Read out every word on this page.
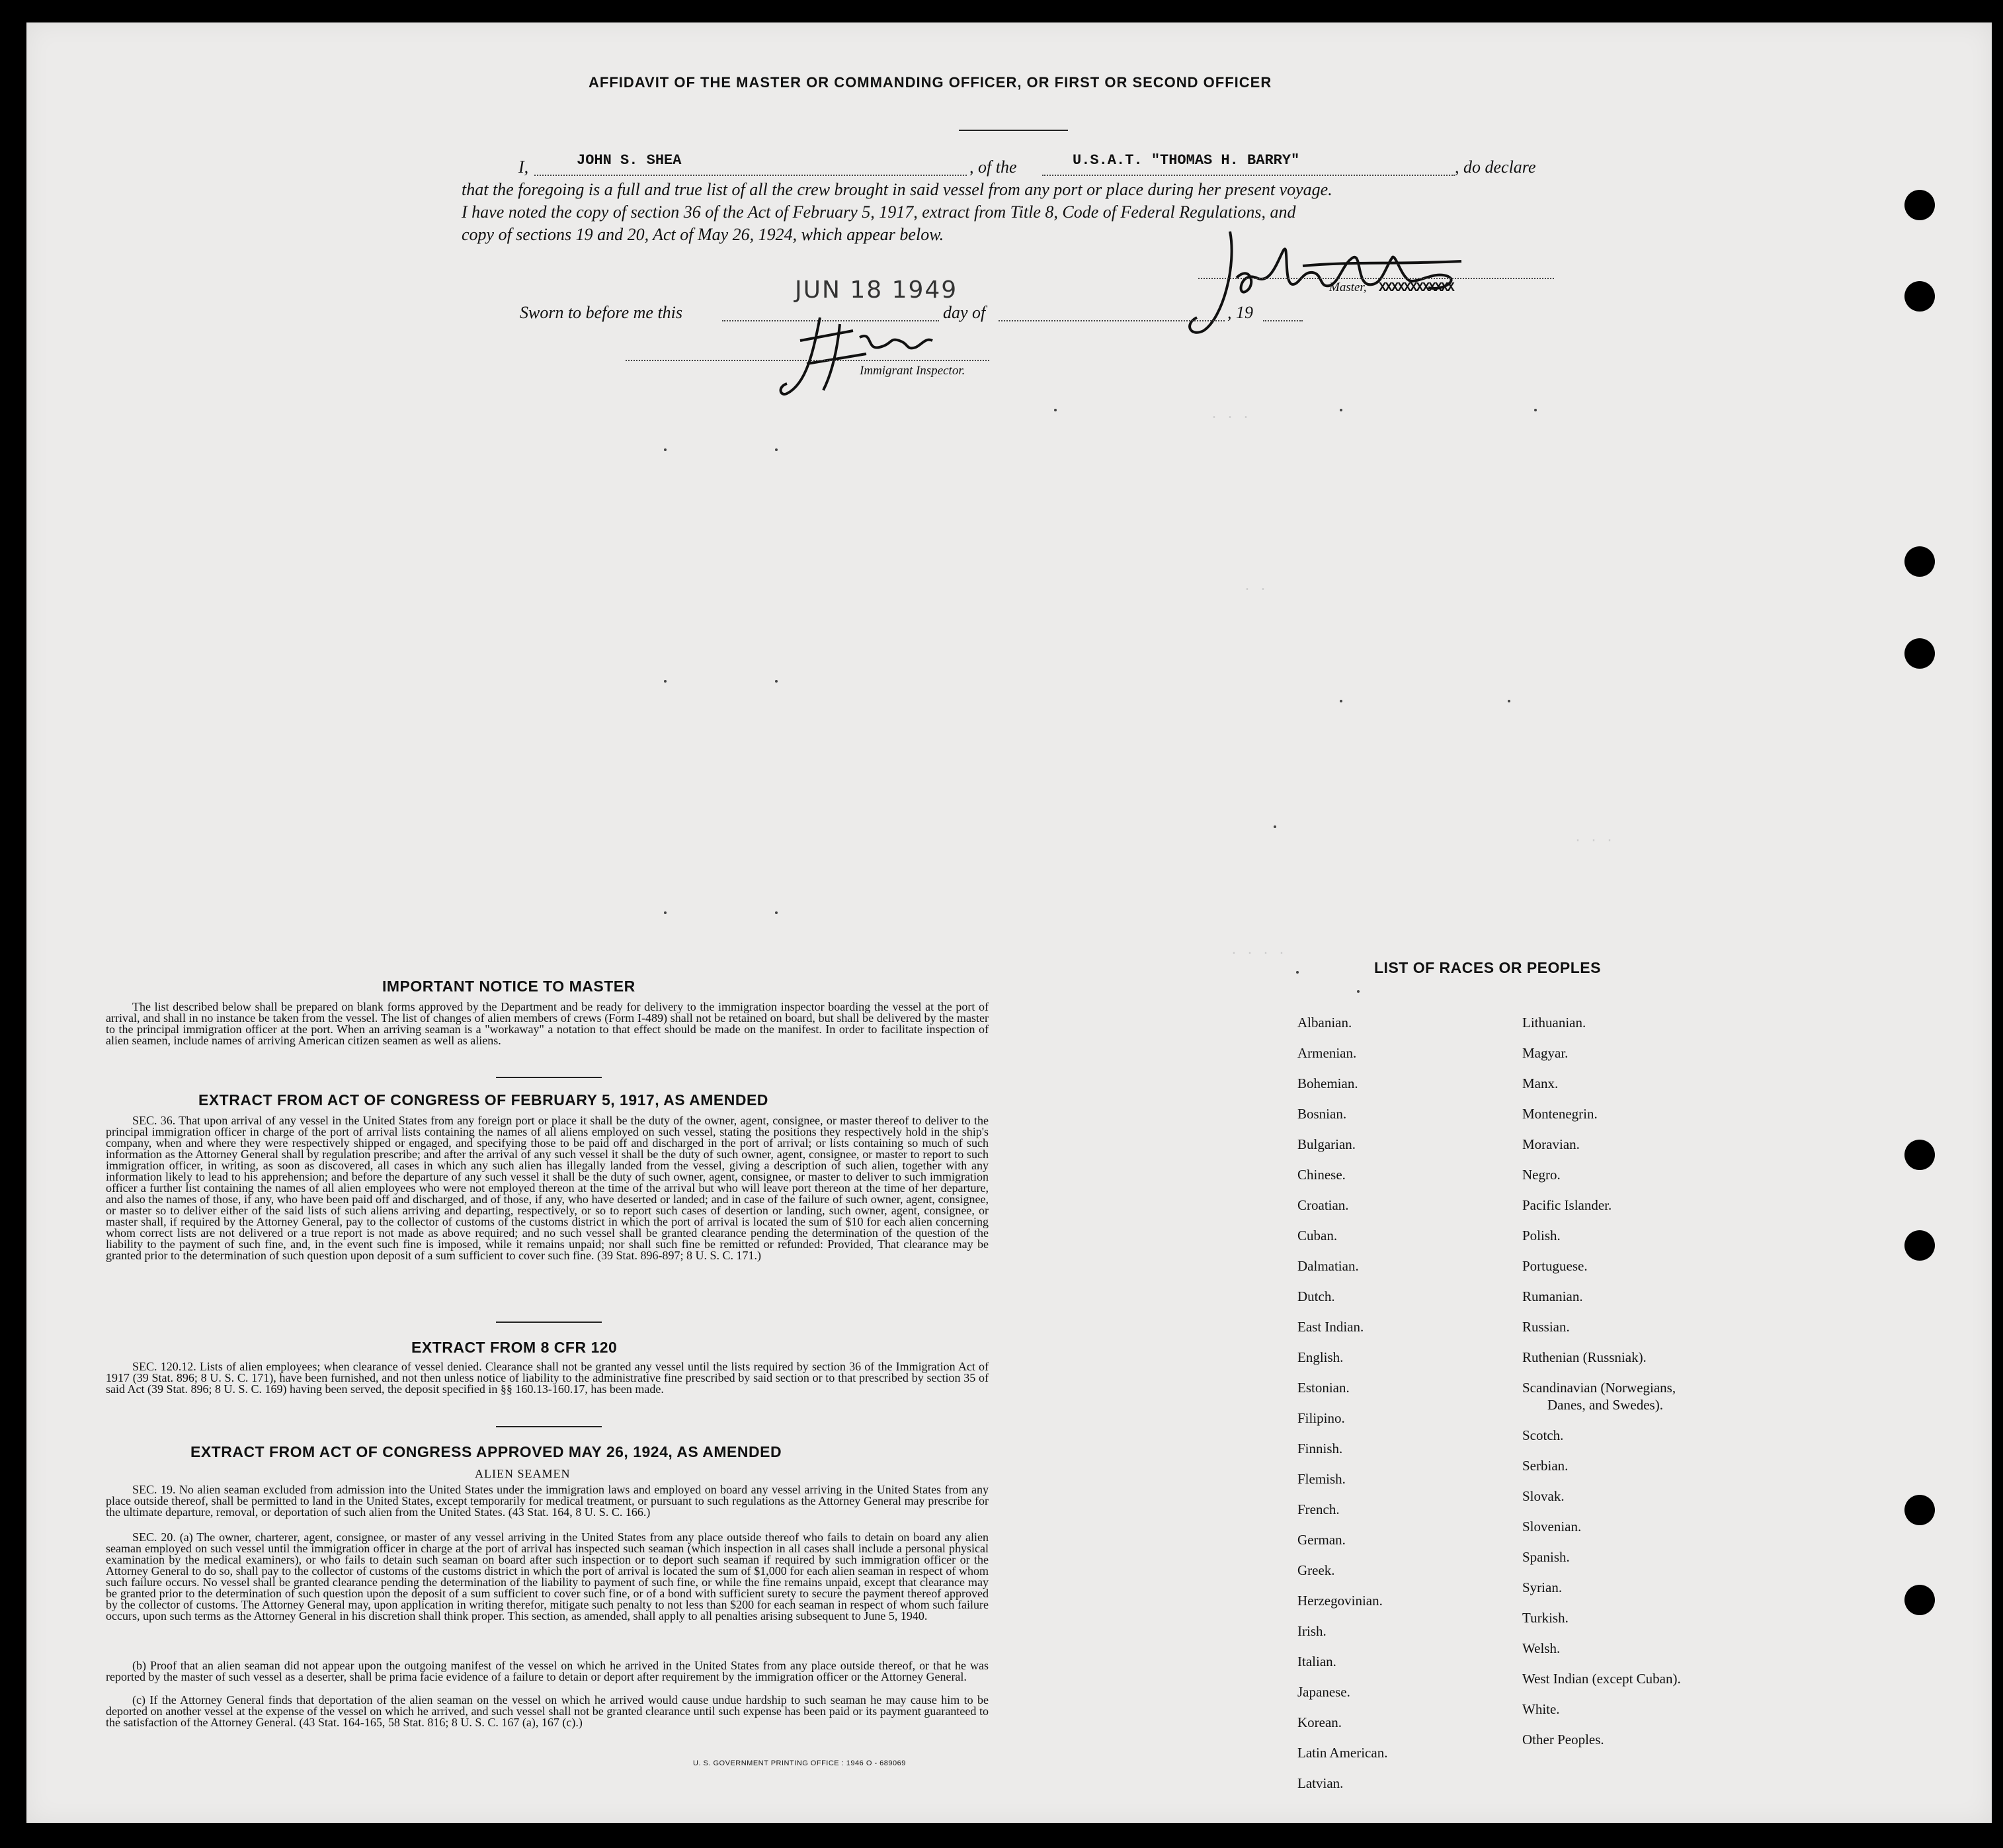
· · ·
· ·
· · ·
· · · ·
AFFIDAVIT OF THE MASTER OR COMMANDING OFFICER, OR FIRST OR SECOND OFFICER
I,	JOHN S. SHEA	, of the	U.S.A.T. "THOMAS H. BARRY"	, do declare
that the foregoing is a full and true list of all the crew brought in said vessel from any port or place during her present voyage.
I have noted the copy of section 36 of the Act of February 5, 1917, extract from Title 8, Code of Federal Regulations, and
copy of sections 19 and 20, Act of May 26, 1924, which appear below.
Master, XXXXXXXXXXXX
Sworn to before me this
JUN 18 1949
day of	, 19
Immigrant Inspector.
IMPORTANT NOTICE TO MASTER
The list described below shall be prepared on blank forms approved by the Department and be ready for delivery to the immigration inspector boarding the vessel at the port of arrival, and shall in no instance be taken from the vessel. The list of changes of alien members of crews (Form I-489) shall not be retained on board, but shall be delivered by the master to the principal immigration officer at the port. When an arriving seaman is a "workaway" a notation to that effect should be made on the manifest. In order to facilitate inspection of alien seamen, include names of arriving American citizen seamen as well as aliens.
EXTRACT FROM ACT OF CONGRESS OF FEBRUARY 5, 1917, AS AMENDED
SEC. 36. That upon arrival of any vessel in the United States from any foreign port or place it shall be the duty of the owner, agent, consignee, or master thereof to deliver to the principal immigration officer in charge of the port of arrival lists containing the names of all aliens employed on such vessel, stating the positions they respectively hold in the ship's company, when and where they were respectively shipped or engaged, and specifying those to be paid off and discharged in the port of arrival; or lists containing so much of such information as the Attorney General shall by regulation prescribe; and after the arrival of any such vessel it shall be the duty of such owner, agent, consignee, or master to report to such immigration officer, in writing, as soon as discovered, all cases in which any such alien has illegally landed from the vessel, giving a description of such alien, together with any information likely to lead to his apprehension; and before the departure of any such vessel it shall be the duty of such owner, agent, consignee, or master to deliver to such immigration officer a further list containing the names of all alien employees who were not employed thereon at the time of the arrival but who will leave port thereon at the time of her departure, and also the names of those, if any, who have been paid off and discharged, and of those, if any, who have deserted or landed; and in case of the failure of such owner, agent, consignee, or master so to deliver either of the said lists of such aliens arriving and departing, respectively, or so to report such cases of desertion or landing, such owner, agent, consignee, or master shall, if required by the Attorney General, pay to the collector of customs of the customs district in which the port of arrival is located the sum of $10 for each alien concerning whom correct lists are not delivered or a true report is not made as above required; and no such vessel shall be granted clearance pending the determination of the question of the liability to the payment of such fine, and, in the event such fine is imposed, while it remains unpaid; nor shall such fine be remitted or refunded: Provided, That clearance may be granted prior to the determination of such question upon deposit of a sum sufficient to cover such fine. (39 Stat. 896-897; 8 U. S. C. 171.)
EXTRACT FROM 8 CFR 120
SEC. 120.12. Lists of alien employees; when clearance of vessel denied. Clearance shall not be granted any vessel until the lists required by section 36 of the Immigration Act of 1917 (39 Stat. 896; 8 U. S. C. 171), have been furnished, and not then unless notice of liability to the administrative fine prescribed by said section or to that prescribed by section 35 of said Act (39 Stat. 896; 8 U. S. C. 169) having been served, the deposit specified in §§ 160.13-160.17, has been made.
EXTRACT FROM ACT OF CONGRESS APPROVED MAY 26, 1924, AS AMENDED
ALIEN SEAMEN
SEC. 19. No alien seaman excluded from admission into the United States under the immigration laws and employed on board any vessel arriving in the United States from any place outside thereof, shall be permitted to land in the United States, except temporarily for medical treatment, or pursuant to such regulations as the Attorney General may prescribe for the ultimate departure, removal, or deportation of such alien from the United States. (43 Stat. 164, 8 U. S. C. 166.)
SEC. 20. (a) The owner, charterer, agent, consignee, or master of any vessel arriving in the United States from any place outside thereof who fails to detain on board any alien seaman employed on such vessel until the immigration officer in charge at the port of arrival has inspected such seaman (which inspection in all cases shall include a personal physical examination by the medical examiners), or who fails to detain such seaman on board after such inspection or to deport such seaman if required by such immigration officer or the Attorney General to do so, shall pay to the collector of customs of the customs district in which the port of arrival is located the sum of $1,000 for each alien seaman in respect of whom such failure occurs. No vessel shall be granted clearance pending the determination of the liability to payment of such fine, or while the fine remains unpaid, except that clearance may be granted prior to the determination of such question upon the deposit of a sum sufficient to cover such fine, or of a bond with sufficient surety to secure the payment thereof approved by the collector of customs. The Attorney General may, upon application in writing therefor, mitigate such penalty to not less than $200 for each seaman in respect of whom such failure occurs, upon such terms as the Attorney General in his discretion shall think proper. This section, as amended, shall apply to all penalties arising subsequent to June 5, 1940.
(b) Proof that an alien seaman did not appear upon the outgoing manifest of the vessel on which he arrived in the United States from any place outside thereof, or that he was reported by the master of such vessel as a deserter, shall be prima facie evidence of a failure to detain or deport after requirement by the immigration officer or the Attorney General.
(c) If the Attorney General finds that deportation of the alien seaman on the vessel on which he arrived would cause undue hardship to such seaman he may cause him to be deported on another vessel at the expense of the vessel on which he arrived, and such vessel shall not be granted clearance until such expense has been paid or its payment guaranteed to the satisfaction of the Attorney General. (43 Stat. 164-165, 58 Stat. 816; 8 U. S. C. 167 (a), 167 (c).)
U. S. GOVERNMENT PRINTING OFFICE : 1946 O - 689069
LIST OF RACES OR PEOPLES
Albanian.
Armenian.
Bohemian.
Bosnian.
Bulgarian.
Chinese.
Croatian.
Cuban.
Dalmatian.
Dutch.
East Indian.
English.
Estonian.
Filipino.
Finnish.
Flemish.
French.
German.
Greek.
Herzegovinian.
Irish.
Italian.
Japanese.
Korean.
Latin American.
Latvian.
Lithuanian.
Magyar.
Manx.
Montenegrin.
Moravian.
Negro.
Pacific Islander.
Polish.
Portuguese.
Rumanian.
Russian.
Ruthenian (Russniak).
Scandinavian (Norwegians,
Danes, and Swedes).
Scotch.
Serbian.
Slovak.
Slovenian.
Spanish.
Syrian.
Turkish.
Welsh.
West Indian (except Cuban).
White.
Other Peoples.
